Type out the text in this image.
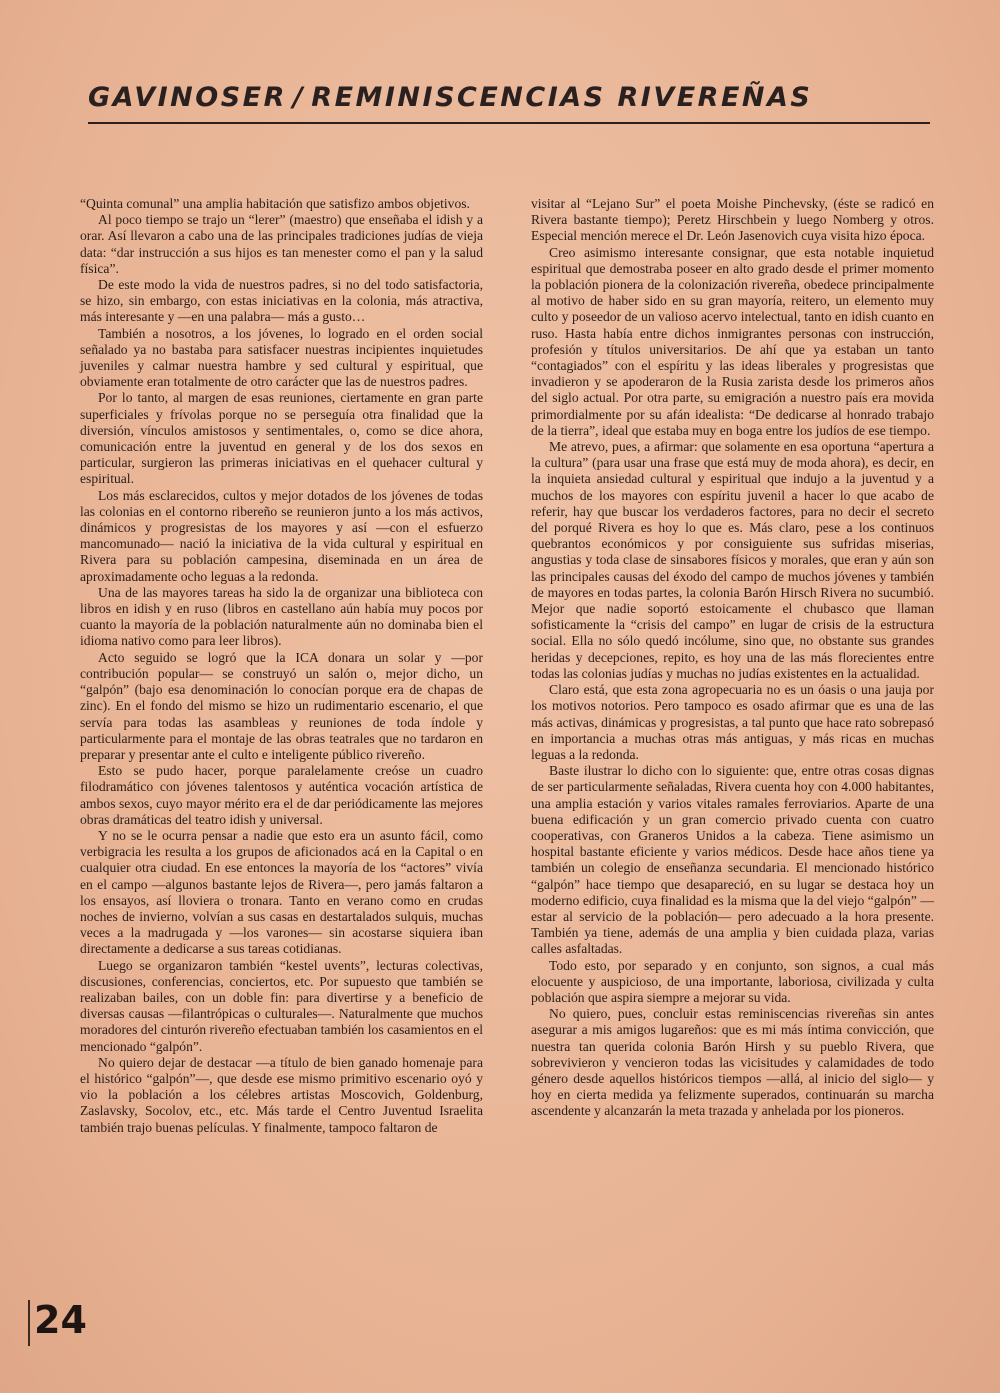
GAVINOSER / REMINISCENCIAS RIVEREÑAS

“Quinta comunal” una amplia habitación que satisfizo ambos objetivos.

Al poco tiempo se trajo un “lerer” (maestro) que enseñaba el idish y a orar. Así llevaron a cabo una de las principales tradiciones judías de vieja data: “dar instrucción a sus hijos es tan menester como el pan y la salud física”.

De este modo la vida de nuestros padres, si no del todo satisfactoria, se hizo, sin embargo, con estas iniciativas en la colonia, más atractiva, más interesante y —en una palabra— más a gusto…

También a nosotros, a los jóvenes, lo logrado en el orden social señalado ya no bastaba para satisfacer nuestras incipientes inquietudes juveniles y calmar nuestra hambre y sed cultural y espiritual, que obviamente eran totalmente de otro carácter que las de nuestros padres.

Por lo tanto, al margen de esas reuniones, ciertamente en gran parte superficiales y frívolas porque no se perseguía otra finalidad que la diversión, vínculos amistosos y sentimentales, o, como se dice ahora, comunicación entre la juventud en general y de los dos sexos en particular, surgieron las primeras iniciativas en el quehacer cultural y espiritual.

Los más esclarecidos, cultos y mejor dotados de los jóvenes de todas las colonias en el contorno ribereño se reunieron junto a los más activos, dinámicos y progresistas de los mayores y así —con el esfuerzo mancomunado— nació la iniciativa de la vida cultural y espiritual en Rivera para su población campesina, diseminada en un área de aproximadamente ocho leguas a la redonda.

Una de las mayores tareas ha sido la de organizar una biblioteca con libros en idish y en ruso (libros en castellano aún había muy pocos por cuanto la mayoría de la población naturalmente aún no dominaba bien el idioma nativo como para leer libros).

Acto seguido se logró que la ICA donara un solar y —por contribución popular— se construyó un salón o, mejor dicho, un “galpón” (bajo esa denominación lo conocían porque era de chapas de zinc). En el fondo del mismo se hizo un rudimentario escenario, el que servía para todas las asambleas y reuniones de toda índole y particularmente para el montaje de las obras teatrales que no tardaron en preparar y presentar ante el culto e inteligente público rivereño.

Esto se pudo hacer, porque paralelamente creóse un cuadro filodramático con jóvenes talentosos y auténtica vocación artística de ambos sexos, cuyo mayor mérito era el de dar periódicamente las mejores obras dramáticas del teatro idish y universal.

Y no se le ocurra pensar a nadie que esto era un asunto fácil, como verbigracia les resulta a los grupos de aficionados acá en la Capital o en cualquier otra ciudad. En ese entonces la mayoría de los “actores” vivía en el campo —algunos bastante lejos de Rivera—, pero jamás faltaron a los ensayos, así lloviera o tronara. Tanto en verano como en crudas noches de invierno, volvían a sus casas en destartalados sulquis, muchas veces a la madrugada y —los varones— sin acostarse siquiera iban directamente a dedicarse a sus tareas cotidianas.

Luego se organizaron también “kestel uvents”, lecturas colectivas, discusiones, conferencias, conciertos, etc. Por supuesto que también se realizaban bailes, con un doble fin: para divertirse y a beneficio de diversas causas —filantrópicas o culturales—. Naturalmente que muchos moradores del cinturón rivereño efectuaban también los casamientos en el mencionado “galpón”.

No quiero dejar de destacar —a título de bien ganado homenaje para el histórico “galpón”—, que desde ese mismo primitivo escenario oyó y vio la población a los célebres artistas Moscovich, Goldenburg, Zaslavsky, Socolov, etc., etc. Más tarde el Centro Juventud Israelita también trajo buenas películas. Y finalmente, tampoco faltaron de

visitar al “Lejano Sur” el poeta Moishe Pinchevsky, (éste se radicó en Rivera bastante tiempo); Peretz Hirschbein y luego Nomberg y otros. Especial mención merece el Dr. León Jasenovich cuya visita hizo época.

Creo asimismo interesante consignar, que esta notable inquietud espiritual que demostraba poseer en alto grado desde el primer momento la población pionera de la colonización rivereña, obedece principalmente al motivo de haber sido en su gran mayoría, reitero, un elemento muy culto y poseedor de un valioso acervo intelectual, tanto en idish cuanto en ruso. Hasta había entre dichos inmigrantes personas con instrucción, profesión y títulos universitarios. De ahí que ya estaban un tanto “contagiados” con el espíritu y las ideas liberales y progresistas que invadieron y se apoderaron de la Rusia zarista desde los primeros años del siglo actual. Por otra parte, su emigración a nuestro país era movida primordialmente por su afán idealista: “De dedicarse al honrado trabajo de la tierra”, ideal que estaba muy en boga entre los judíos de ese tiempo.

Me atrevo, pues, a afirmar: que solamente en esa oportuna “apertura a la cultura” (para usar una frase que está muy de moda ahora), es decir, en la inquieta ansiedad cultural y espiritual que indujo a la juventud y a muchos de los mayores con espíritu juvenil a hacer lo que acabo de referir, hay que buscar los verdaderos factores, para no decir el secreto del porqué Rivera es hoy lo que es. Más claro, pese a los continuos quebrantos económicos y por consiguiente sus sufridas miserias, angustias y toda clase de sinsabores físicos y morales, que eran y aún son las principales causas del éxodo del campo de muchos jóvenes y también de mayores en todas partes, la colonia Barón Hirsch Rivera no sucumbió. Mejor que nadie soportó estoicamente el chubasco que llaman sofisticamente la “crisis del campo” en lugar de crisis de la estructura social. Ella no sólo quedó incólume, sino que, no obstante sus grandes heridas y decepciones, repito, es hoy una de las más florecientes entre todas las colonias judías y muchas no judías existentes en la actualidad.

Claro está, que esta zona agropecuaria no es un óasis o una jauja por los motivos notorios. Pero tampoco es osado afirmar que es una de las más activas, dinámicas y progresistas, a tal punto que hace rato sobrepasó en importancia a muchas otras más antiguas, y más ricas en muchas leguas a la redonda.

Baste ilustrar lo dicho con lo siguiente: que, entre otras cosas dignas de ser particularmente señaladas, Rivera cuenta hoy con 4.000 habitantes, una amplia estación y varios vitales ramales ferroviarios. Aparte de una buena edificación y un gran comercio privado cuenta con cuatro cooperativas, con Graneros Unidos a la cabeza. Tiene asimismo un hospital bastante eficiente y varios médicos. Desde hace años tiene ya también un colegio de enseñanza secundaria. El mencionado histórico “galpón” hace tiempo que desapareció, en su lugar se destaca hoy un moderno edificio, cuya finalidad es la misma que la del viejo “galpón” —estar al servicio de la población— pero adecuado a la hora presente. También ya tiene, además de una amplia y bien cuidada plaza, varias calles asfaltadas.

Todo esto, por separado y en conjunto, son signos, a cual más elocuente y auspicioso, de una importante, laboriosa, civilizada y culta población que aspira siempre a mejorar su vida.

No quiero, pues, concluir estas reminiscencias rivereñas sin antes asegurar a mis amigos lugareños: que es mi más íntima convicción, que nuestra tan querida colonia Barón Hirsh y su pueblo Rivera, que sobrevivieron y vencieron todas las vicisitudes y calamidades de todo género desde aquellos históricos tiempos —allá, al inicio del siglo— y hoy en cierta medida ya felizmente superados, continuarán su marcha ascendente y alcanzarán la meta trazada y anhelada por los pioneros.

24
